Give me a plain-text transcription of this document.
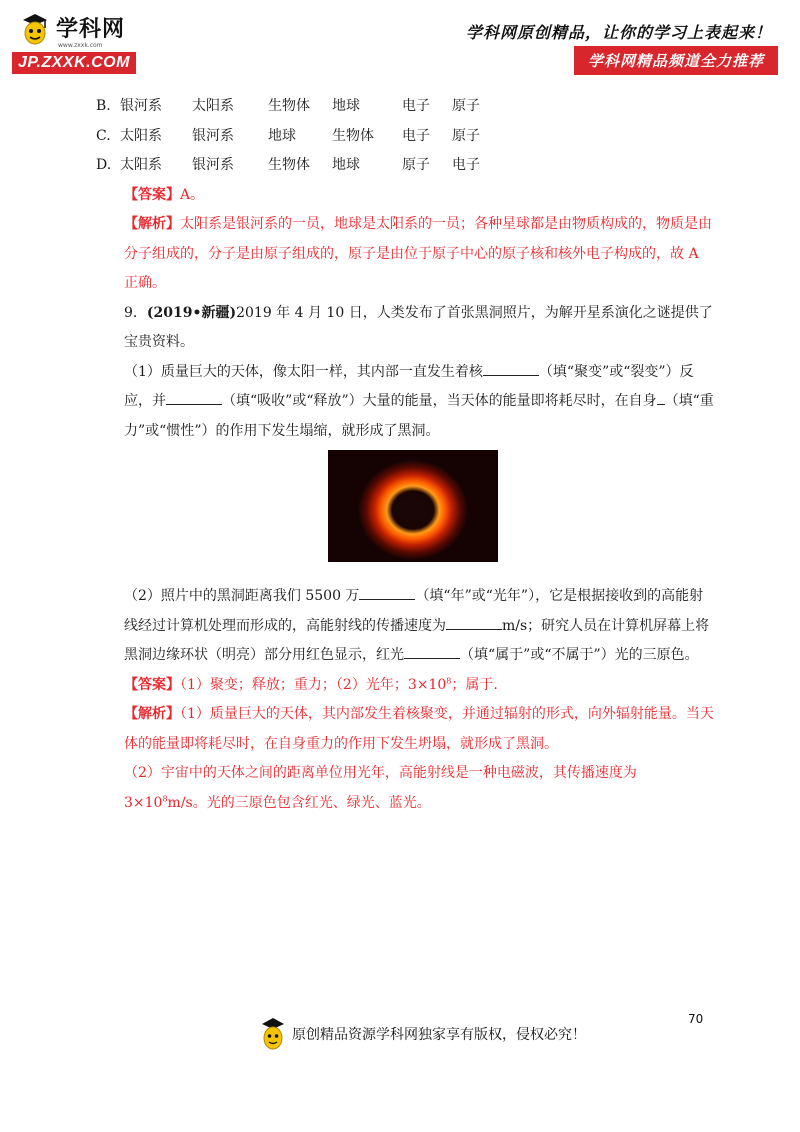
学科网
www.zxxk.com
JP.ZXXK.COM
学科网原创精品，让你的学习上表起来！
学科网精品频道全力推荐
B. 银河系 太阳系 生物体 地球	电子 原子
C. 太阳系 银河系 地球	生物体 电子 原子
D. 太阳系 银河系 生物体 地球	原子 电子

【答案】A。

【解析】太阳系是银河系的一员，地球是太阳系的一员；各种星球都是由物质构成的，物质是由分子组成的，分子是由原子组成的，原子是由位于原子中心的原子核和核外电子构成的，故 A 正确。

9．(2019•新疆)2019 年 4 月 10 日，人类发布了首张黑洞照片，为解开星系演化之谜提供了宝贵资料。

（1）质量巨大的天体，像太阳一样，其内部一直发生着核	（填“聚变”或“裂变”）反应，并	（填“吸收”或“释放”）大量的能量，当天体的能量即将耗尽时，在自身 （填“重力”或“惯性”）的作用下发生塌缩，就形成了黑洞。

（2）照片中的黑洞距离我们 5500 万	（填“年”或“光年”），它是根据接收到的高能射线经过计算机处理而形成的，高能射线的传播速度为	m/s；研究人员在计算机屏幕上将黑洞边缘环状（明亮）部分用红色显示，红光	（填“属于”或“不属于”）光的三原色。

【答案】（1）聚变；释放；重力；（2）光年；$3\times 10^8$；属于.

【解析】（1）质量巨大的天体，其内部发生着核聚变，并通过辐射的形式，向外辐射能量。当天体的能量即将耗尽时，在自身重力的作用下发生坍塌，就形成了黑洞。

（2）宇宙中的天体之间的距离单位用光年，高能射线是一种电磁波，其传播速度为$3\times 10^8m/s$。光的三原色包含红光、绿光、蓝光。

70
原创精品资源学科网独家享有版权，侵权必究！
